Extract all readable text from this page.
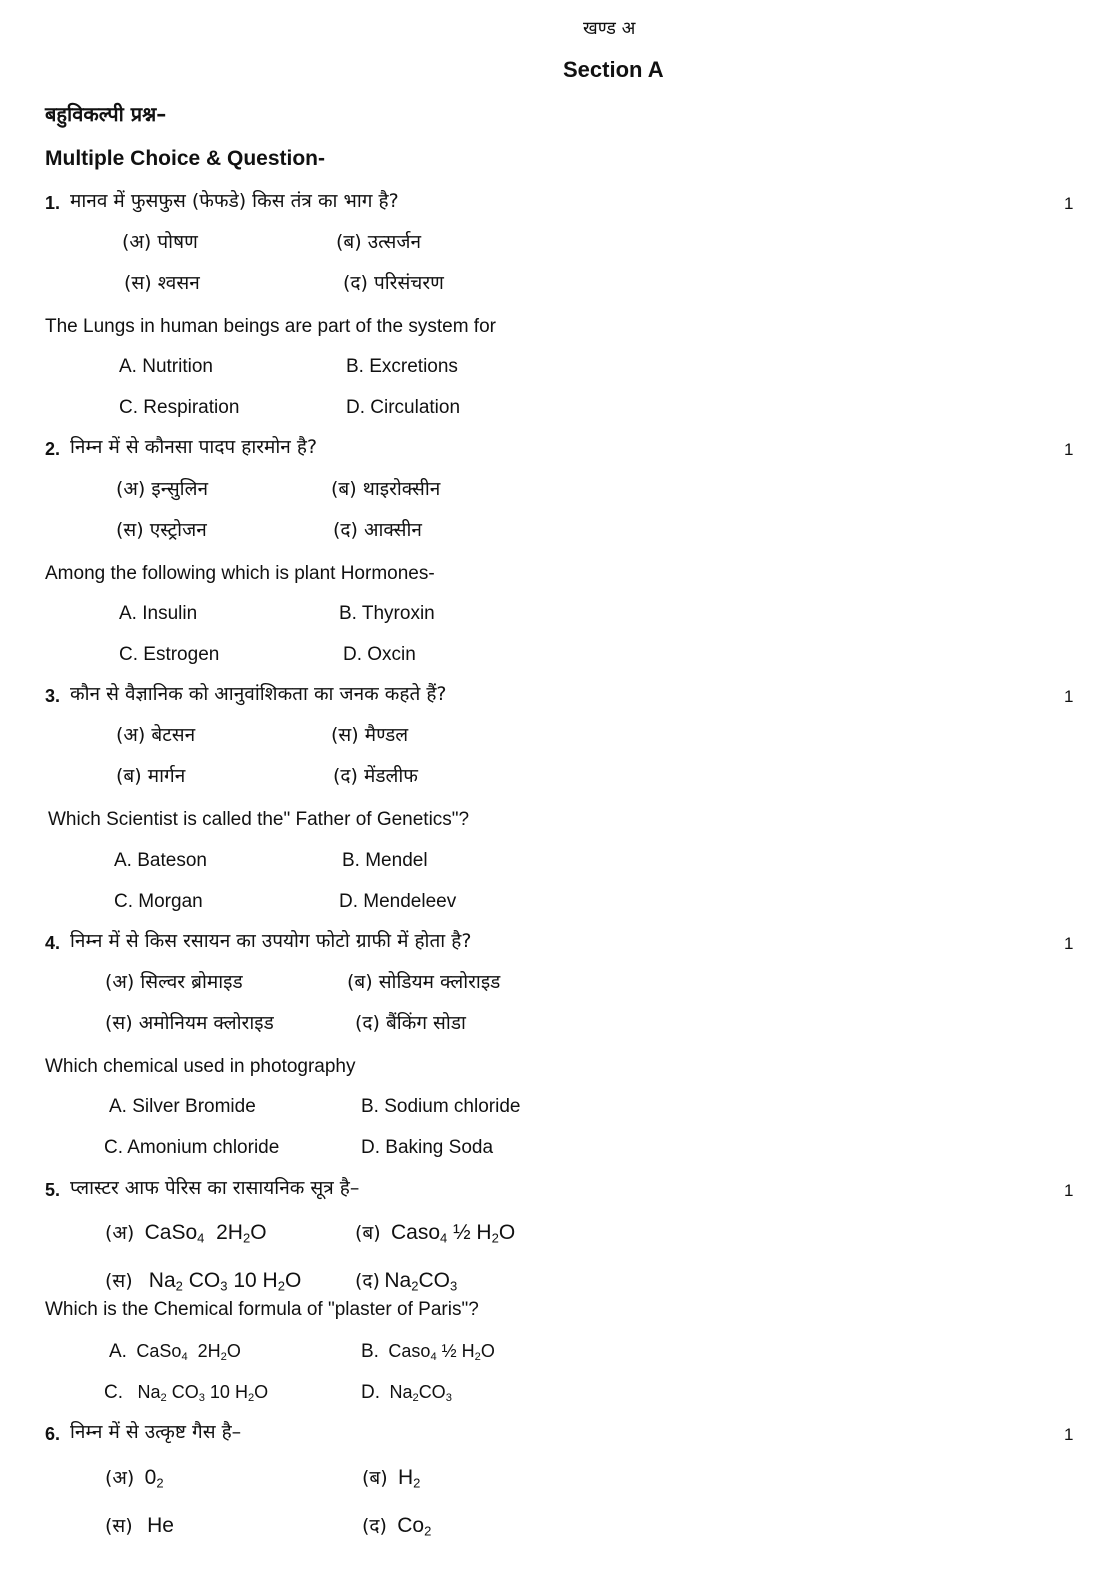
खण्ड अ
Section A
बहुविकल्पी प्रश्न–
Multiple Choice & Question-
1. मानव में फुसफुस (फेफडे) किस तंत्र का भाग है?	1
(अ) पोषण	(ब) उत्सर्जन
(स) श्वसन	(द) परिसंचरण
The Lungs in human beings are part of the system for
A. Nutrition	B. Excretions
C. Respiration	D. Circulation
2. निम्न में से कौनसा पादप हारमोन है?	1
(अ) इन्सुलिन	(ब) थाइरोक्सीन
(स) एस्ट्रोजन	(द) आक्सीन
Among the following which is plant Hormones-
A. Insulin	B. Thyroxin
C. Estrogen	D. Oxcin
3. कौन से वैज्ञानिक को आनुवांशिकता का जनक कहते हैं?	1
(अ) बेटसन	(स) मैण्डल
(ब) मार्गन	(द) मेंडलीफ
Which Scientist is called the" Father of Genetics"?
A. Bateson	B. Mendel
C. Morgan	D. Mendeleev
4. निम्न में से किस रसायन का उपयोग फोटो ग्राफी में होता है?	1
(अ) सिल्वर ब्रोमाइड	(ब) सोडियम क्लोराइड
(स) अमोनियम क्लोराइड	(द) बैंकिंग सोडा
Which chemical used in photography
A. Silver Bromide	B. Sodium chloride
C. Amonium chloride	D. Baking Soda
5. प्लास्टर आफ पेरिस का रासायनिक सूत्र है–	1
(अ)  CaSo$_4$  $2H_2O$	(ब)  Caso$_4$ ½ $H_2O$
(स)   $Na_2$ $CO_3$ 10 $H_2O$	(द) $Na_2CO_3$
Which is the Chemical formula of "plaster of Paris"?
A.  CaSo$_4$  $2H_2O$	B.  Caso$_4$ ½ $H_2O$
C.   $Na_2$ $CO_3$ 10 $H_2O$	D.  $Na_2CO_3$
6. निम्न में से उत्कृष्ट गैस है–	1
(अ)  $0_2$	(ब)  $H_2$
(स) He	(द)  $Co_2$
